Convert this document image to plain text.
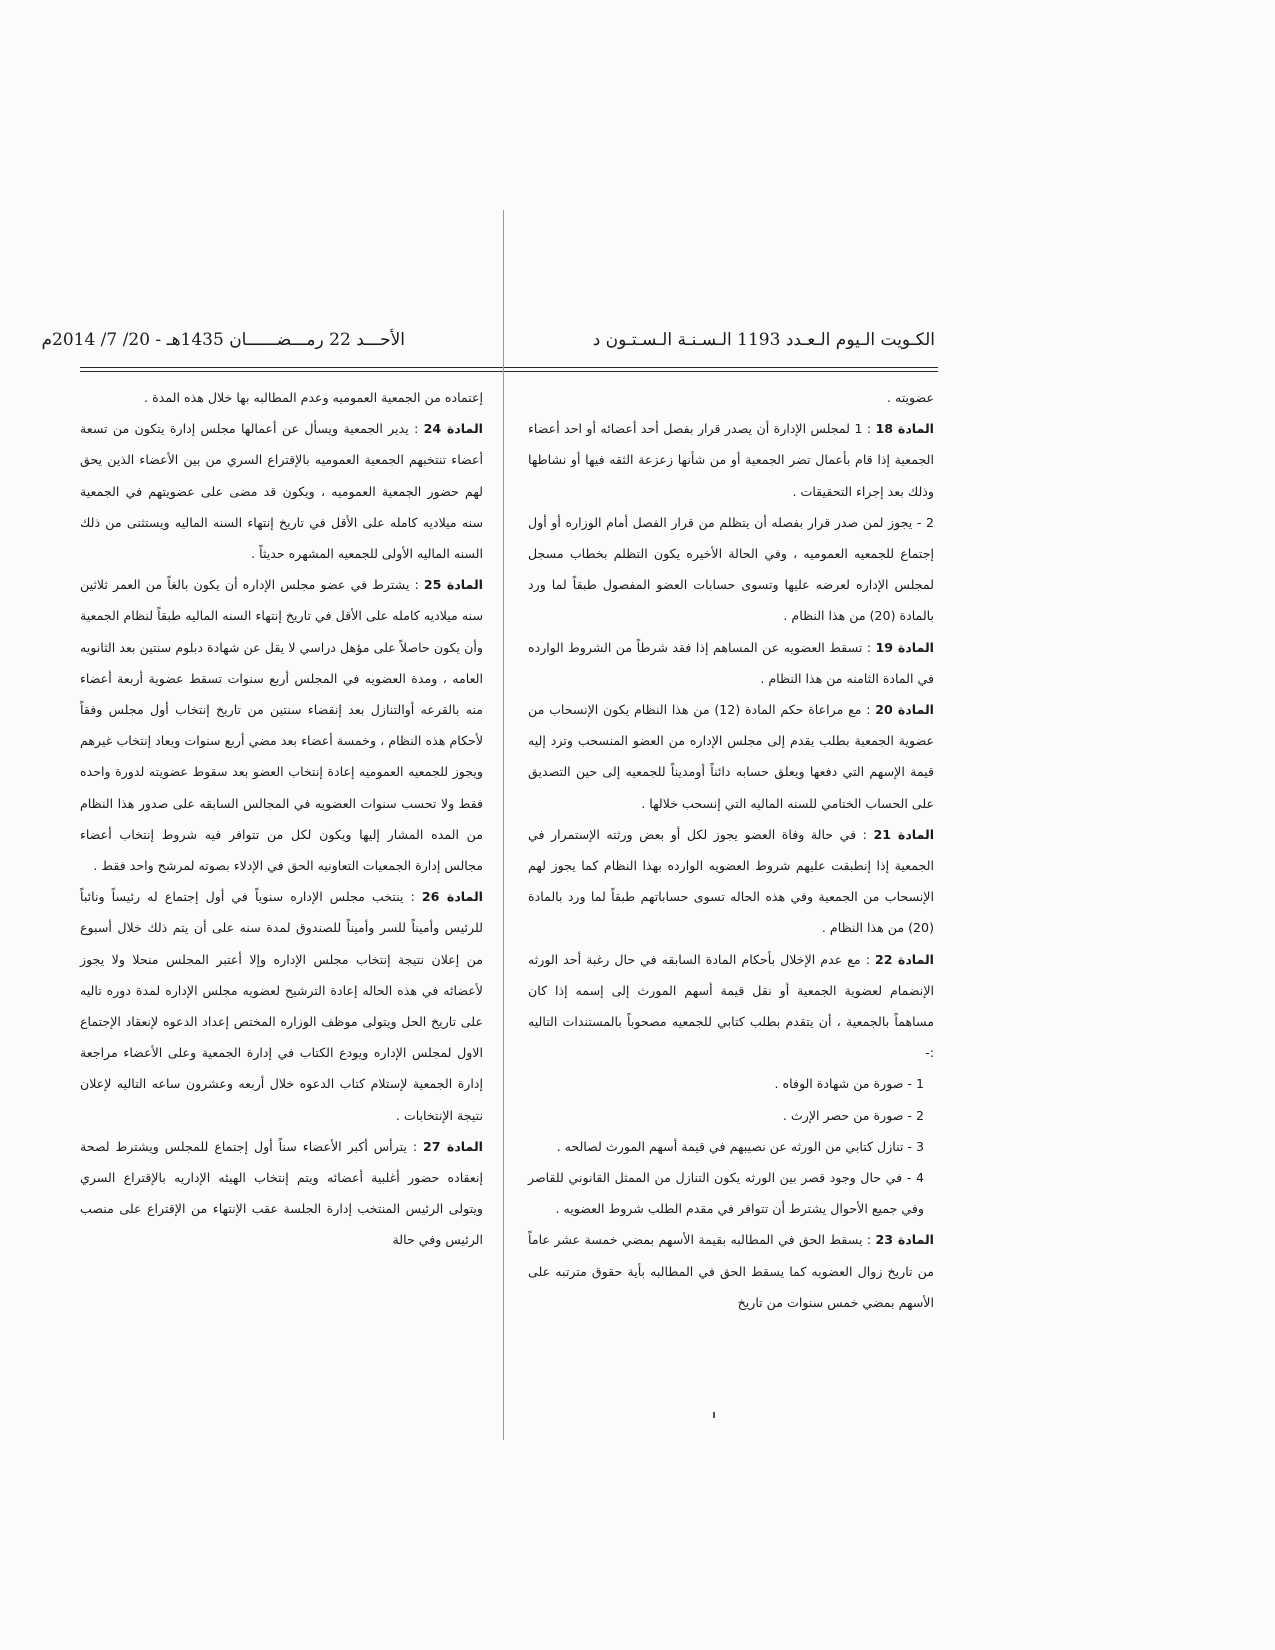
الكـويت الـيوم الـعـدد 1193 الـسـنـة الـسـتـون د
الأحـــد 22 رمـــضــــــان 1435هـ - 20/ 7/ 2014م

عضويته .

المادة 18 : 1 لمجلس الإدارة أن يصدر قرار بفصل أحد أعضائه أو احد أعضاء الجمعية إذا قام بأعمال تضر الجمعية أو من شأنها زعزعة الثقه فيها أو نشاطها وذلك بعد إجراء التحقيقات .

2 - يجوز لمن صدر قرار بفصله أن يتظلم من قرار الفصل أمام الوزاره أو أول إجتماع للجمعيه العموميه ، وفي الحالة الأخيره يكون التظلم بخطاب مسجل لمجلس الإداره لعرضه عليها وتسوى حسابات العضو المفصول طبقاً لما ورد بالمادة (20) من هذا النظام .

المادة 19 : تسقط العضويه عن المساهم إذا فقد شرطاً من الشروط الوارده في المادة الثامنه من هذا النظام .

المادة 20 : مع مراعاة حكم المادة (12) من هذا النظام يكون الإنسحاب من عضوية الجمعية بطلب يقدم إلى مجلس الإداره من العضو المنسحب وترد إليه قيمة الإسهم التي دفعها ويعلق حسابه دائناً أومديناً للجمعيه إلى حين التصديق على الحساب الختامي للسنه الماليه التي إنسحب خلالها .

المادة 21 : في حالة وفاة العضو يجوز لكل أو بعض ورثته الإستمرار في الجمعية إذا إنطبقت عليهم شروط العضويه الوارده بهذا النظام كما يجوز لهم الإنسحاب من الجمعية وفي هذه الحاله تسوى حساباتهم طبقاً لما ورد بالمادة (20) من هذا النظام .

المادة 22 : مع عدم الإخلال بأحكام المادة السابقه في حال رغبة أحد الورثه الإنضمام لعضوية الجمعية أو نقل قيمة أسهم المورث إلى إسمه إذا كان مساهماً بالجمعية ، أن يتقدم بطلب كتابي للجمعيه مصحوباً بالمستندات التاليه :-

1 - صورة من شهادة الوفاه .

2 - صورة من حصر الإرث .

3 - تنازل كتابي من الورثه عن نصيبهم في قيمة أسهم المورث لصالحه .

4 - في حال وجود قصر بين الورثه يكون التنازل من الممثل القانوني للقاصر وفي جميع الأحوال يشترط أن تتوافر في مقدم الطلب شروط العضويه .

المادة 23 : يسقط الحق في المطالبه بقيمة الأسهم بمضي خمسة عشر عاماً من تاريخ زوال العضويه كما يسقط الحق في المطالبه بأية حقوق مترتبه على الأسهم بمضي خمس سنوات من تاريخ

إعتماده من الجمعية العموميه وعدم المطالبه بها خلال هذه المدة .

المادة 24 : يدير الجمعية ويسأل عن أعمالها مجلس إدارة يتكون من تسعة أعضاء تنتخبهم الجمعية العموميه بالإقتراع السري من بين الأعضاء الذين يحق لهم حضور الجمعية العموميه ، ويكون قد مضى على عضويتهم في الجمعية سنه ميلاديه كامله على الأقل في تاريخ إنتهاء السنه الماليه ويستثنى من ذلك السنه الماليه الأولى للجمعيه المشهره حديثاً .

المادة 25 : يشترط في عضو مجلس الإداره أن يكون بالغاً من العمر ثلاثين سنه ميلاديه كامله على الأقل في تاريخ إنتهاء السنه الماليه طبقاً لنظام الجمعية وأن يكون حاصلاً على مؤهل دراسي لا يقل عن شهادة دبلوم سنتين بعد الثانويه العامه ، ومدة العضويه في المجلس أربع سنوات تسقط عضوية أربعة أعضاء منه بالقرعه أوالتنازل بعد إنقضاء سنتين من تاريخ إنتخاب أول مجلس وفقاً لأحكام هذه النظام ، وخمسة أعضاء بعد مضي أربع سنوات ويعاد إنتخاب غيرهم ويجوز للجمعيه العموميه إعادة إنتخاب العضو بعد سقوط عضويته لدورة واحده فقط ولا تحسب سنوات العضويه في المجالس السابقه على صدور هذا النظام من المده المشار إليها ويكون لكل من تتوافر فيه شروط إنتخاب أعضاء مجالس إدارة الجمعيات التعاونيه الحق في الإدلاء بصوته لمرشح واحد فقط .

المادة 26 : ينتخب مجلس الإداره سنوياً في أول إجتماع له رئيساً ونائباً للرئيس وأميناً للسر وأميناً للصندوق لمدة سنه على أن يتم ذلك خلال أسبوع من إعلان نتيجة إنتخاب مجلس الإداره وإلا أعتبر المجلس منحلا ولا يجوز لأعضائه في هذه الحاله إعادة الترشيح لعضويه مجلس الإداره لمدة دوره تاليه على تاريخ الحل ويتولى موظف الوزاره المختص إعداد الدعوه لإنعقاد الإجتماع الاول لمجلس الإداره ويودع الكتاب في إدارة الجمعية وعلى الأعضاء مراجعة إدارة الجمعية لإستلام كتاب الدعوه خلال أربعه وعشرون ساعه التاليه لإعلان نتيجة الإنتخابات .

المادة 27 : يترأس أكبر الأعضاء سناً أول إجتماع للمجلس ويشترط لصحة إنعقاده حضور أغلبية أعضائه ويتم إنتخاب الهيئه الإداريه بالإقتراع السري ويتولى الرئيس المنتخب إدارة الجلسة عقب الإنتهاء من الإقتراع على منصب الرئيس وفي حالة
